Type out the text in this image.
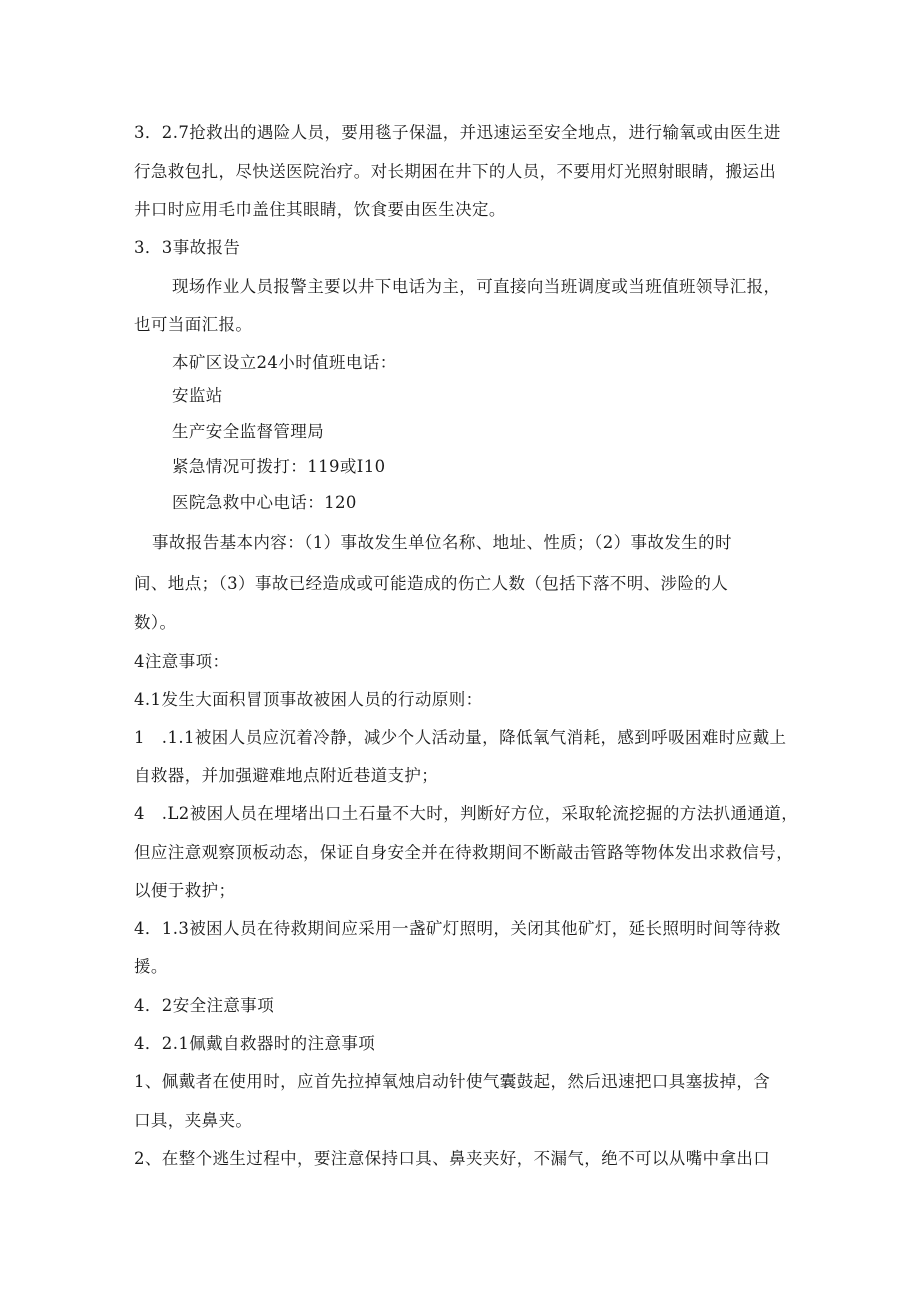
3．2.7抢救出的遇险人员，要用毯子保温，并迅速运至安全地点，进行输氧或由医生进
行急救包扎，尽快送医院治疗。对长期困在井下的人员，不要用灯光照射眼睛，搬运出
井口时应用毛巾盖住其眼睛，饮食要由医生决定。
3．3事故报告
现场作业人员报警主要以井下电话为主，可直接向当班调度或当班值班领导汇报，
也可当面汇报。
本矿区设立24小时值班电话：
安监站
生产安全监督管理局
紧急情况可拨打：119或I10
医院急救中心电话：120
事故报告基本内容：（1）事故发生单位名称、地址、性质；（2）事故发生的时
间、地点；（3）事故已经造成或可能造成的伤亡人数（包括下落不明、涉险的人
数）。
4注意事项：
4.1发生大面积冒顶事故被困人员的行动原则：
1　.1.1被困人员应沉着冷静，减少个人活动量，降低氧气消耗，感到呼吸困难时应戴上
自救器，并加强避难地点附近巷道支护；
4　.L2被困人员在埋堵出口土石量不大时，判断好方位，采取轮流挖掘的方法扒通通道，
但应注意观察顶板动态，保证自身安全并在待救期间不断敲击管路等物体发出求救信号，
以便于救护；
4．1.3被困人员在待救期间应采用一盏矿灯照明，关闭其他矿灯，延长照明时间等待救
援。
4．2安全注意事项
4．2.1佩戴自救器时的注意事项
1、佩戴者在使用时，应首先拉掉氧烛启动针使气囊鼓起，然后迅速把口具塞拔掉，含
口具，夹鼻夹。
2、在整个逃生过程中，要注意保持口具、鼻夹夹好，不漏气，绝不可以从嘴中拿出口
